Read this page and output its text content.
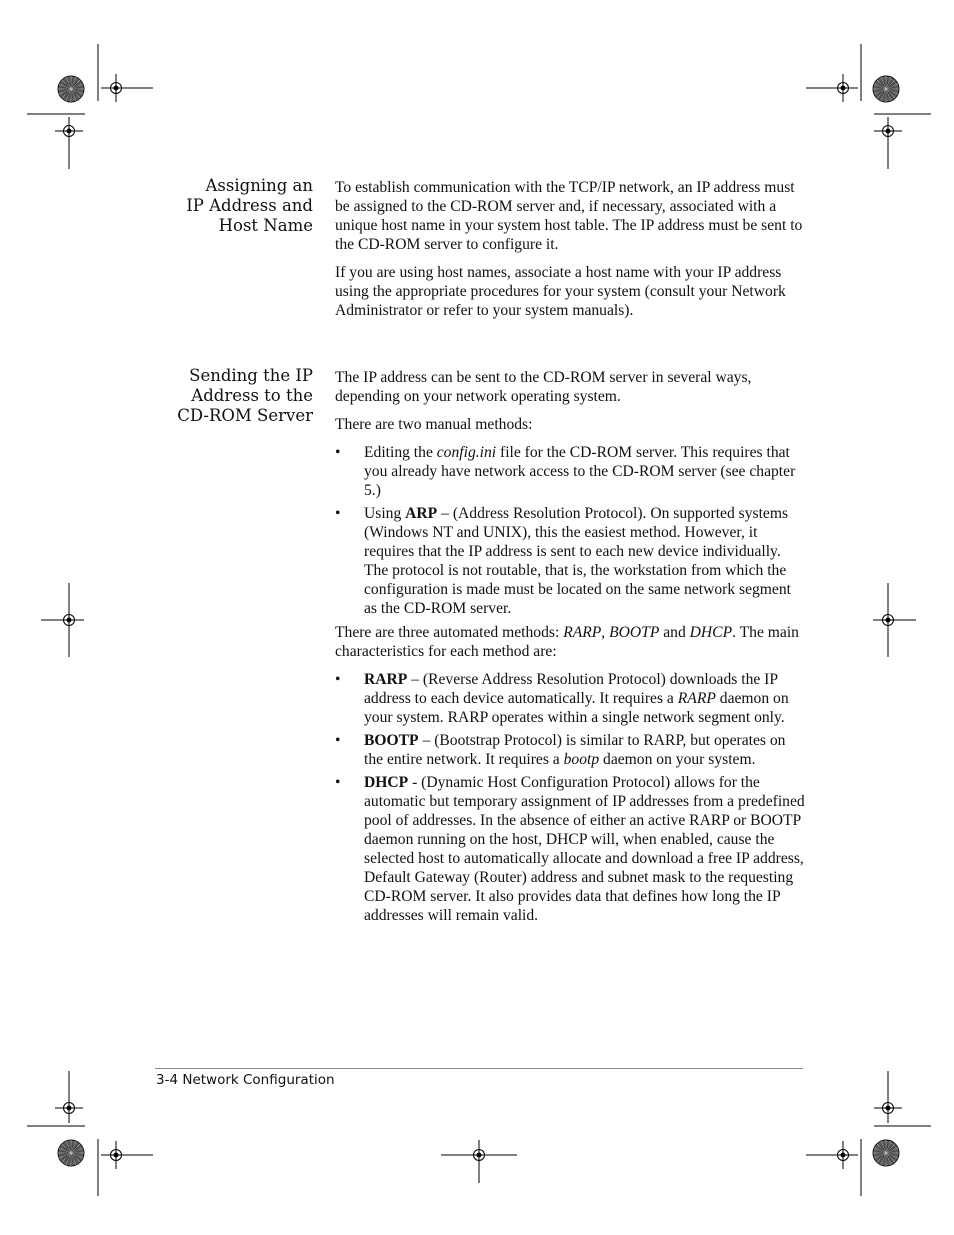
Assigning an
IP Address and
Host Name

To establish communication with the TCP/IP network, an IP address must be assigned to the CD-ROM server and, if necessary, associated with a unique host name in your system host table. The IP address must be sent to the CD-ROM server to configure it.

If you are using host names, associate a host name with your IP address using the appropriate procedures for your system (consult your Network Administrator or refer to your system manuals).

Sending the IP
Address to the
CD-ROM Server

The IP address can be sent to the CD-ROM server in several ways, depending on your network operating system.

There are two manual methods:

• Editing the config.ini file for the CD-ROM server. This requires that you already have network access to the CD-ROM server (see chapter 5.)
• Using ARP – (Address Resolution Protocol). On supported systems (Windows NT and UNIX), this the easiest method. However, it requires that the IP address is sent to each new device individually. The protocol is not routable, that is, the workstation from which the configuration is made must be located on the same network segment as the CD-ROM server.

There are three automated methods: RARP, BOOTP and DHCP. The main characteristics for each method are:

• RARP – (Reverse Address Resolution Protocol) downloads the IP address to each device automatically. It requires a RARP daemon on your system. RARP operates within a single network segment only.
• BOOTP – (Bootstrap Protocol) is similar to RARP, but operates on the entire network. It requires a bootp daemon on your system.
• DHCP - (Dynamic Host Configuration Protocol) allows for the automatic but temporary assignment of IP addresses from a predefined pool of addresses. In the absence of either an active RARP or BOOTP daemon running on the host, DHCP will, when enabled, cause the selected host to automatically allocate and download a free IP address, Default Gateway (Router) address and subnet mask to the requesting CD-ROM server. It also provides data that defines how long the IP addresses will remain valid.
3-4 Network Configuration
